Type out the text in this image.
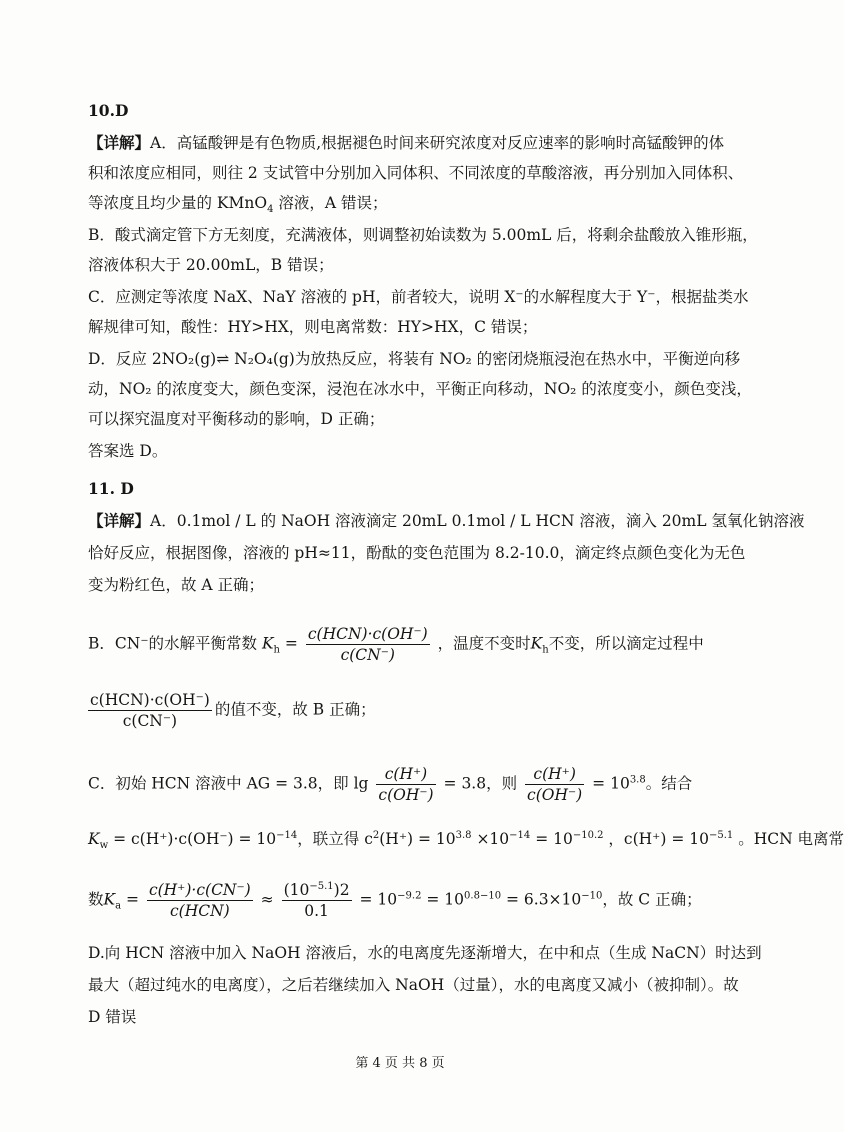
10.D
【详解】A．高锰酸钾是有色物质,根据褪色时间来研究浓度对反应速率的影响时高锰酸钾的体
积和浓度应相同，则往 2 支试管中分别加入同体积、不同浓度的草酸溶液，再分别加入同体积、
等浓度且均少量的 KMnO$_4$ 溶液，A 错误；
B．酸式滴定管下方无刻度，充满液体，则调整初始读数为 5.00mL 后，将剩余盐酸放入锥形瓶，
溶液体积大于 20.00mL，B 错误；
C．应测定等浓度 NaX、NaY 溶液的 pH，前者较大，说明 X⁻的水解程度大于 Y⁻，根据盐类水
解规律可知，酸性：HY>HX，则电离常数：HY>HX，C 错误；
D．反应 2NO₂(g)⇌ N₂O₄(g)为放热反应，将装有 NO₂ 的密闭烧瓶浸泡在热水中，平衡逆向移
动，NO₂ 的浓度变大，颜色变深，浸泡在冰水中，平衡正向移动，NO₂ 的浓度变小，颜色变浅，
可以探究温度对平衡移动的影响，D 正确；
答案选 D。
11. D
【详解】A．0.1mol / L 的 NaOH 溶液滴定 20mL 0.1mol / L HCN 溶液，滴入 20mL 氢氧化钠溶液
恰好反应，根据图像，溶液的 pH≈11，酚酞的变色范围为 8.2-10.0，滴定终点颜色变化为无色
变为粉红色，故 A 正确；
B．CN⁻的水解平衡常数 $K_h = \frac{\text{c(HCN)·c(OH⁻)}}{c(CN^-)}$ ，温度不变时$K_h$不变，所以滴定过程中
$\frac{\text{c(HCN)·c(OH⁻)}}{c(CN^-)}$ 的值不变，故 B 正确；
C．初始 HCN 溶液中 AG = 3.8，即 $\lg \frac{c(H^+)}{c(OH^-)} = 3.8$，则 $\frac{c(H^+)}{c(OH^-)} = 10^{3.8}$。结合
$K_w = c(H^+)\cdot c(OH^-) = 10^{-14}$，联立得 $c^2(H^+) = 10^{3.8} \times 10^{-14} = 10^{-10.2}$ ，$c(H^+) = 10^{-5.1}$ 。HCN 电离常
数$K_a = \frac{c(H^+)\cdot c(CN^-)}{\text{c(HCN)}} \approx \frac{(10^{-5.1})2}{0.1} = 10^{-9.2} = 10^{0.8-10} = 6.3\times 10^{-10}$，故 C 正确；
D.向 HCN 溶液中加入 NaOH 溶液后，水的电离度先逐渐增大，在中和点（生成 NaCN）时达到
最大（超过纯水的电离度），之后若继续加入 NaOH（过量），水的电离度又减小（被抑制）。故
D 错误
第 4 页 共 8 页
